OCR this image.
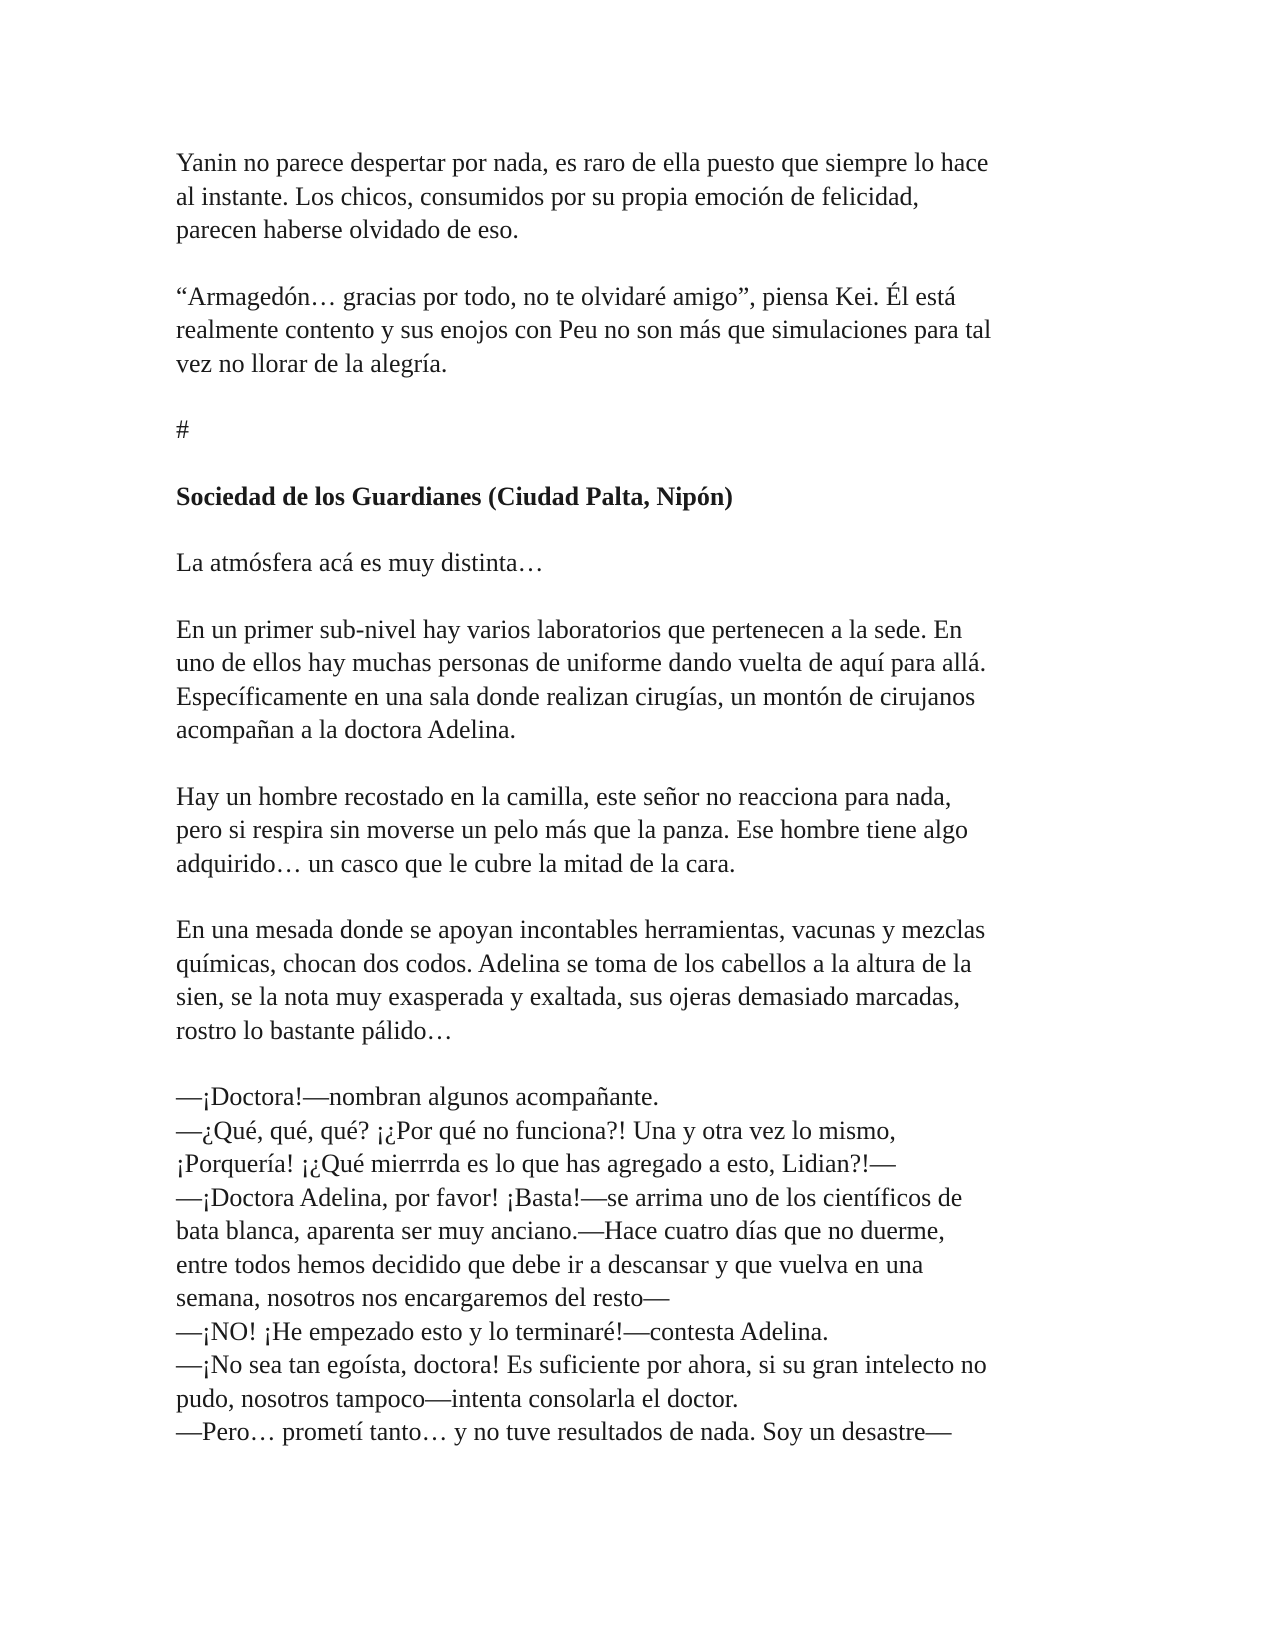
Yanin no parece despertar por nada, es raro de ella puesto que siempre lo hace
al instante. Los chicos, consumidos por su propia emoción de felicidad,
parecen haberse olvidado de eso.

“Armagedón… gracias por todo, no te olvidaré amigo”, piensa Kei. Él está
realmente contento y sus enojos con Peu no son más que simulaciones para tal
vez no llorar de la alegría.

#

Sociedad de los Guardianes (Ciudad Palta, Nipón)

La atmósfera acá es muy distinta…

En un primer sub-nivel hay varios laboratorios que pertenecen a la sede. En
uno de ellos hay muchas personas de uniforme dando vuelta de aquí para allá.
Específicamente en una sala donde realizan cirugías, un montón de cirujanos
acompañan a la doctora Adelina.

Hay un hombre recostado en la camilla, este señor no reacciona para nada,
pero si respira sin moverse un pelo más que la panza. Ese hombre tiene algo
adquirido… un casco que le cubre la mitad de la cara.

En una mesada donde se apoyan incontables herramientas, vacunas y mezclas
químicas, chocan dos codos. Adelina se toma de los cabellos a la altura de la
sien, se la nota muy exasperada y exaltada, sus ojeras demasiado marcadas,
rostro lo bastante pálido…

—¡Doctora!—nombran algunos acompañante.

—¿Qué, qué, qué? ¡¿Por qué no funciona?! Una y otra vez lo mismo,
¡Porquería! ¡¿Qué mierrrda es lo que has agregado a esto, Lidian?!—

—¡Doctora Adelina, por favor! ¡Basta!—se arrima uno de los científicos de
bata blanca, aparenta ser muy anciano.—Hace cuatro días que no duerme,
entre todos hemos decidido que debe ir a descansar y que vuelva en una
semana, nosotros nos encargaremos del resto—

—¡NO! ¡He empezado esto y lo terminaré!—contesta Adelina.

—¡No sea tan egoísta, doctora! Es suficiente por ahora, si su gran intelecto no
pudo, nosotros tampoco—intenta consolarla el doctor.

—Pero… prometí tanto… y no tuve resultados de nada. Soy un desastre—
